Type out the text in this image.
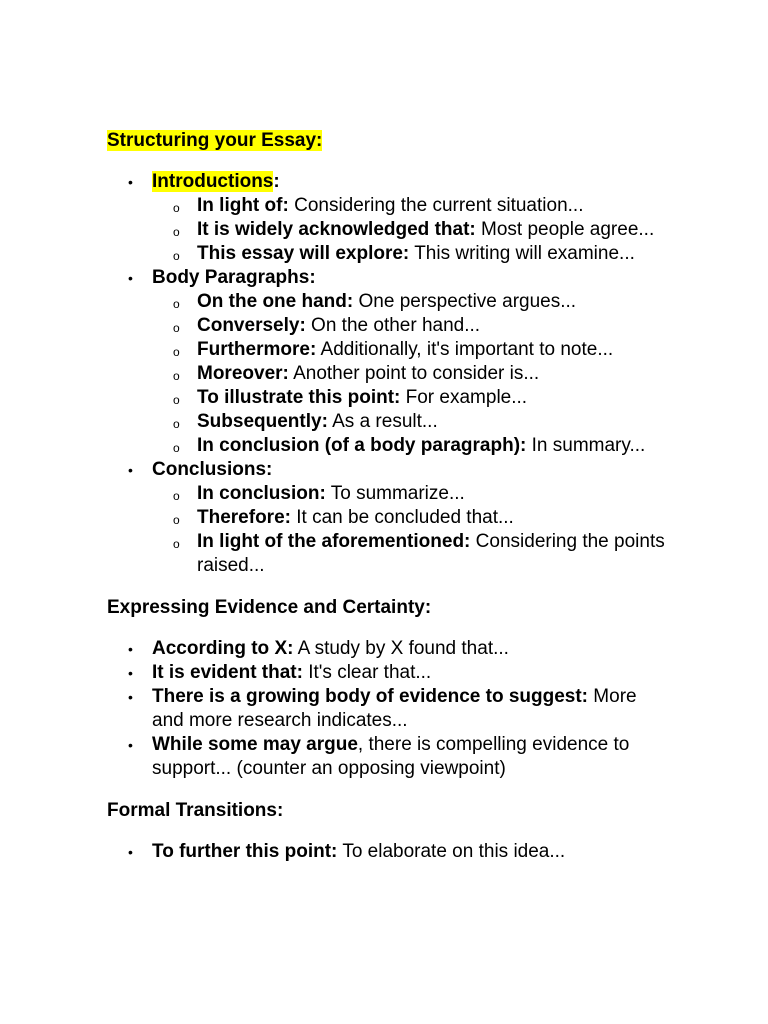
Structuring your Essay:
• Introductions:
o In light of: Considering the current situation...
o It is widely acknowledged that: Most people agree...
o This essay will explore: This writing will examine...
• Body Paragraphs:
o On the one hand: One perspective argues...
o Conversely: On the other hand...
o Furthermore: Additionally, it's important to note...
o Moreover: Another point to consider is...
o To illustrate this point: For example...
o Subsequently: As a result...
o In conclusion (of a body paragraph): In summary...
• Conclusions:
o In conclusion: To summarize...
o Therefore: It can be concluded that...
o In light of the aforementioned: Considering the points raised...
Expressing Evidence and Certainty:
• According to X: A study by X found that...
• It is evident that: It's clear that...
• There is a growing body of evidence to suggest: More and more research indicates...
• While some may argue, there is compelling evidence to support... (counter an opposing viewpoint)
Formal Transitions:
• To further this point: To elaborate on this idea...
